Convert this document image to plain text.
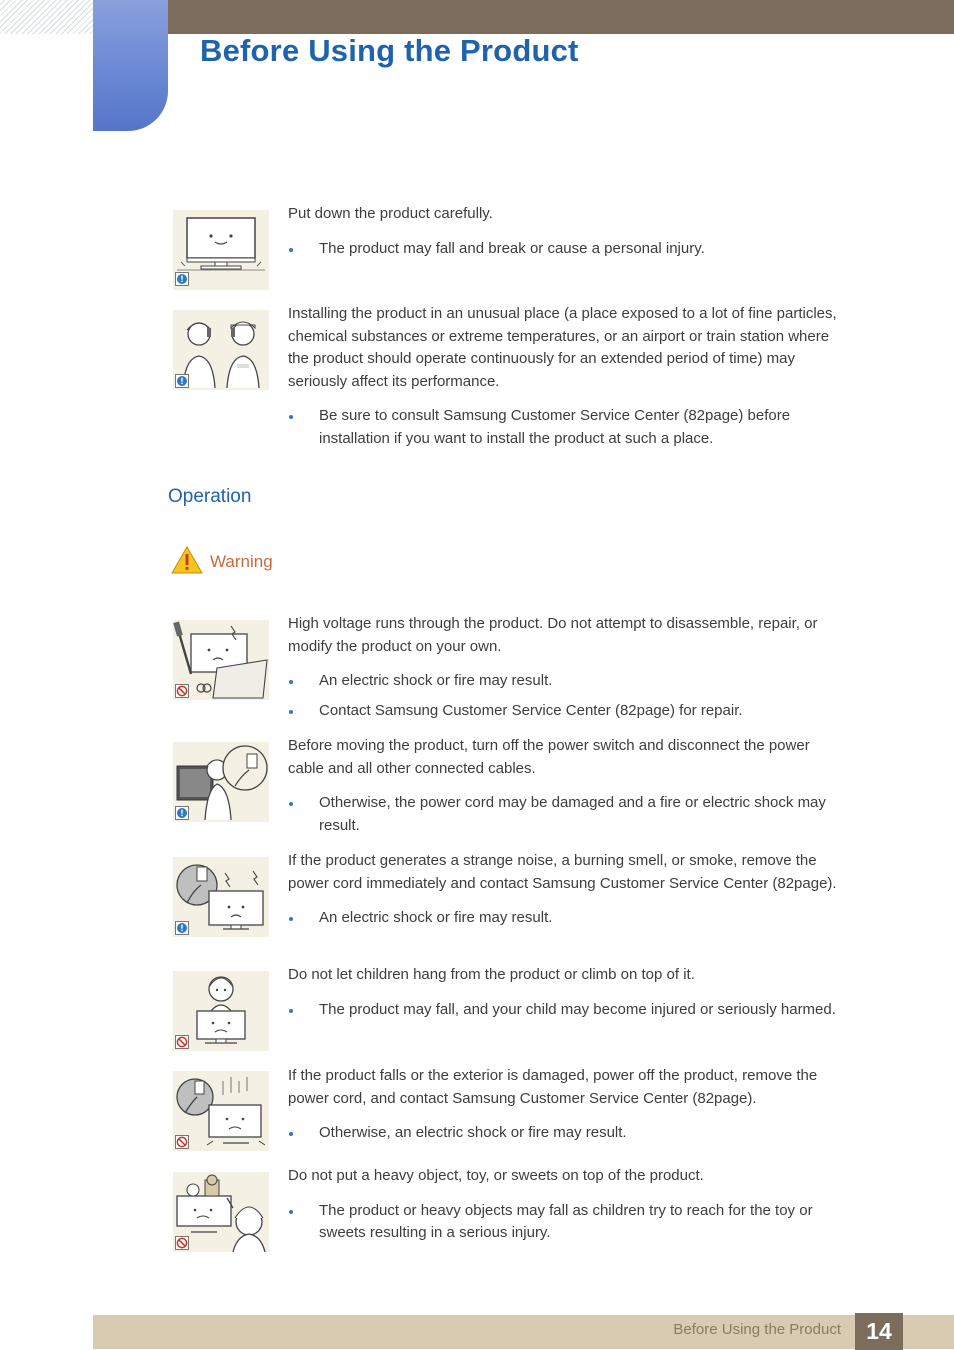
Before Using the Product

Put down the product carefully.

The product may fall and break or cause a personal injury.

Installing the product in an unusual place (a place exposed to a lot of fine particles, chemical substances or extreme temperatures, or an airport or train station where the product should operate continuously for an extended period of time) may seriously affect its performance.

Be sure to consult Samsung Customer Service Center (82page) before installation if you want to install the product at such a place.
Operation
Warning

High voltage runs through the product. Do not attempt to disassemble, repair, or modify the product on your own.

An electric shock or fire may result.
Contact Samsung Customer Service Center (82page) for repair.

Before moving the product, turn off the power switch and disconnect the power cable and all other connected cables.

Otherwise, the power cord may be damaged and a fire or electric shock may result.

If the product generates a strange noise, a burning smell, or smoke, remove the power cord immediately and contact Samsung Customer Service Center (82page).

An electric shock or fire may result.

Do not let children hang from the product or climb on top of it.

The product may fall, and your child may become injured or seriously harmed.

If the product falls or the exterior is damaged, power off the product, remove the power cord, and contact Samsung Customer Service Center (82page).

Otherwise, an electric shock or fire may result.

Do not put a heavy object, toy, or sweets on top of the product.

The product or heavy objects may fall as children try to reach for the toy or sweets resulting in a serious injury.
Before Using the Product	14
